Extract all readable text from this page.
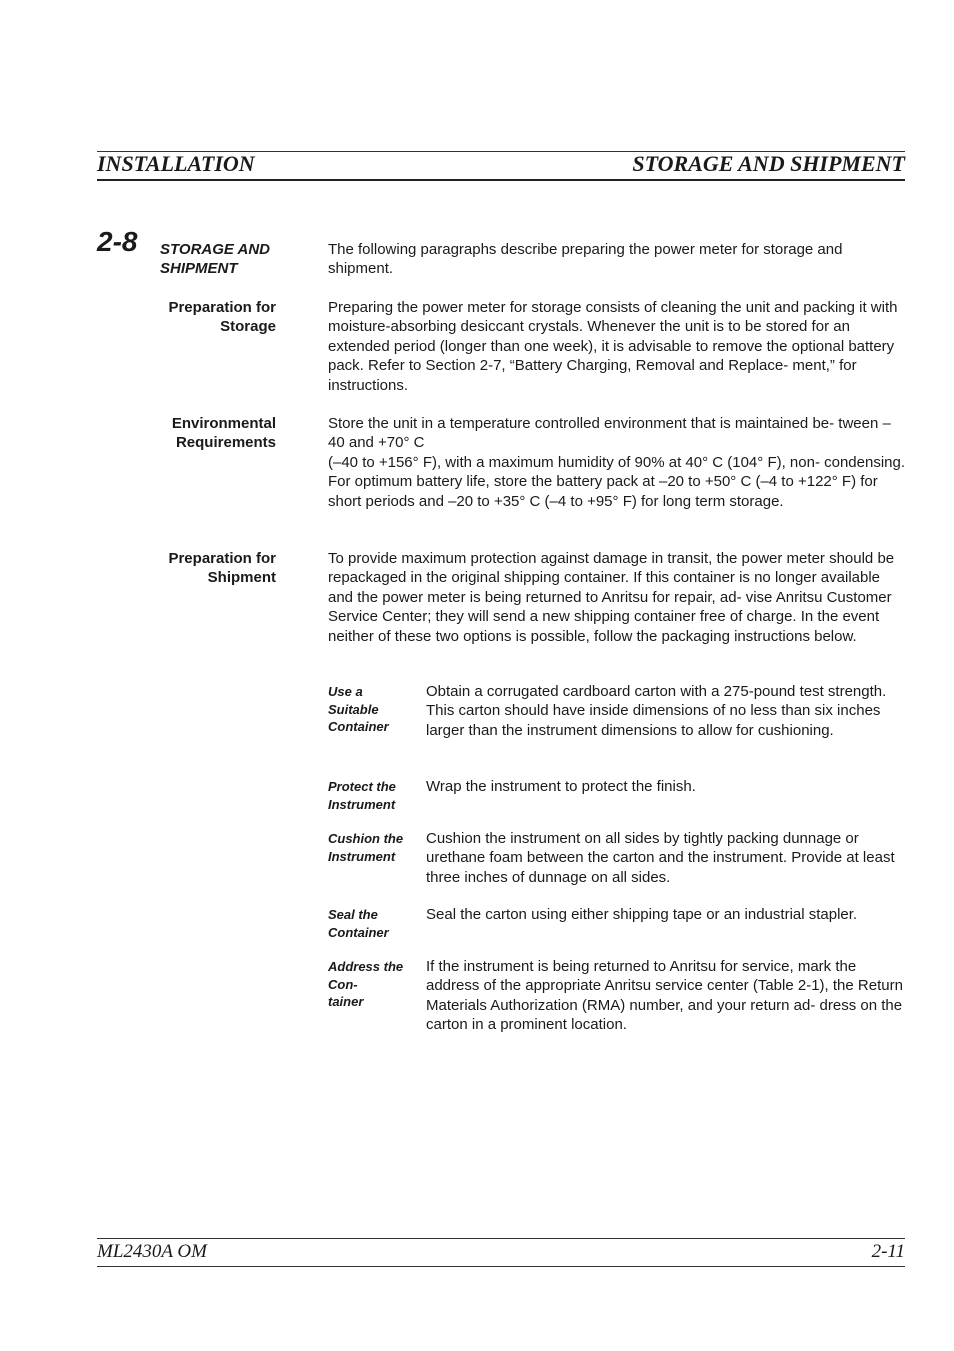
INSTALLATION	STORAGE AND SHIPMENT
2-8 STORAGE AND
SHIPMENT
The following paragraphs describe preparing the power meter for storage and shipment.
Preparation for
Storage
Preparing the power meter for storage consists of cleaning the unit and packing it with moisture-absorbing desiccant crystals. Whenever the unit is to be stored for an extended period (longer than one week), it is advisable to remove the optional battery pack. Refer to Section 2-7, “Battery Charging, Removal and Replace- ment,” for instructions.
Environmental
Requirements
Store the unit in a temperature controlled environment that is maintained be- tween –40 and +70° C
(–40 to +156° F), with a maximum humidity of 90% at 40° C (104° F), non- condensing. For optimum battery life, store the battery pack at –20 to +50° C (–4 to +122° F) for short periods and –20 to +35° C (–4 to +95° F) for long term storage.
Preparation for
Shipment
To provide maximum protection against damage in transit, the power meter should be repackaged in the original shipping container. If this container is no longer available and the power meter is being returned to Anritsu for repair, ad- vise Anritsu Customer Service Center; they will send a new shipping container free of charge. In the event neither of these two options is possible, follow the packaging instructions below.
Use a
Suitable
Container
Obtain a corrugated cardboard carton with a 275-pound test strength. This carton should have inside dimensions of no less than six inches larger than the instrument dimensions to allow for cushioning.
Protect the
Instrument
Wrap the instrument to protect the finish.
Cushion the
Instrument
Cushion the instrument on all sides by tightly packing dunnage or urethane foam between the carton and the instrument. Provide at least three inches of dunnage on all sides.
Seal the
Container
Seal the carton using either shipping tape or an industrial stapler.
Address the Con-
tainer
If the instrument is being returned to Anritsu for service, mark the address of the appropriate Anritsu service center (Table 2-1), the Return Materials Authorization (RMA) number, and your return ad- dress on the carton in a prominent location.
ML2430A OM	2-11
